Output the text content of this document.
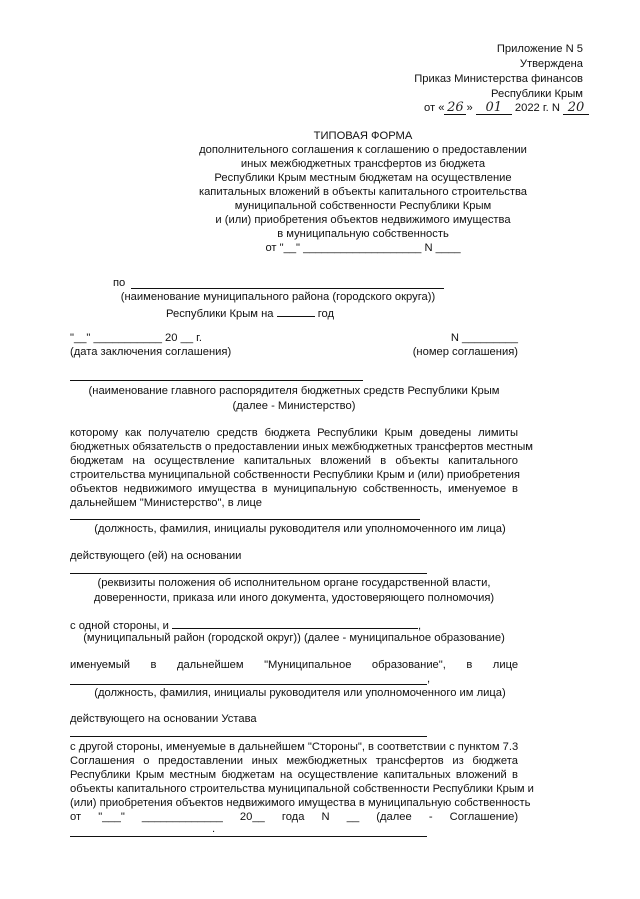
Приложение N 5
Утверждена
Приказ Министерства финансов
Республики Крым
от « 26 » 01 2022 г. N 20
ТИПОВАЯ ФОРМА
дополнительного соглашения к соглашению о предоставлении
иных межбюджетных трансфертов из бюджета
Республики Крым местным бюджетам на осуществление
капитальных вложений в объекты капитального строительства
муниципальной собственности Республики Крым
и (или) приобретения объектов недвижимого имущества
в муниципальную собственность
от "__" ___________________ N ____
по
(наименование муниципального района (городского округа))
Республики Крым на	год
"__" ___________ 20 __ г.	N _________
(дата заключения соглашения)	(номер соглашения)
(наименование главного распорядителя бюджетных средств Республики Крым
(далее - Министерство)
которому как получателю средств бюджета Республики Крым доведены лимиты
бюджетных обязательств о предоставлении иных межбюджетных трансфертов местным
бюджетам на осуществление капитальных вложений в объекты капитального
строительства муниципальной собственности Республики Крым и (или) приобретения
объектов недвижимого имущества в муниципальную собственность, именуемое в
дальнейшем "Министерство", в лице
(должность, фамилия, инициалы руководителя или уполномоченного им лица)
действующего (ей) на основании
(реквизиты положения об исполнительном органе государственной власти,
доверенности, приказа или иного документа, удостоверяющего полномочия)
с одной стороны, и	,
(муниципальный район (городской округ)) (далее - муниципальное образование)
именуемый в дальнейшем "Муниципальное образование", в лице
,
(должность, фамилия, инициалы руководителя или уполномоченного им лица)
действующего на основании Устава
с другой стороны, именуемые в дальнейшем "Стороны", в соответствии с пунктом 7.3
Соглашения о предоставлении иных межбюджетных трансфертов из бюджета
Республики Крым местным бюджетам на осуществление капитальных вложений в
объекты капитального строительства муниципальной собственности Республики Крым и
(или) приобретения объектов недвижимого имущества в муниципальную собственность
от "___" _____________ 20__ года N __ (далее - Соглашение)
.
